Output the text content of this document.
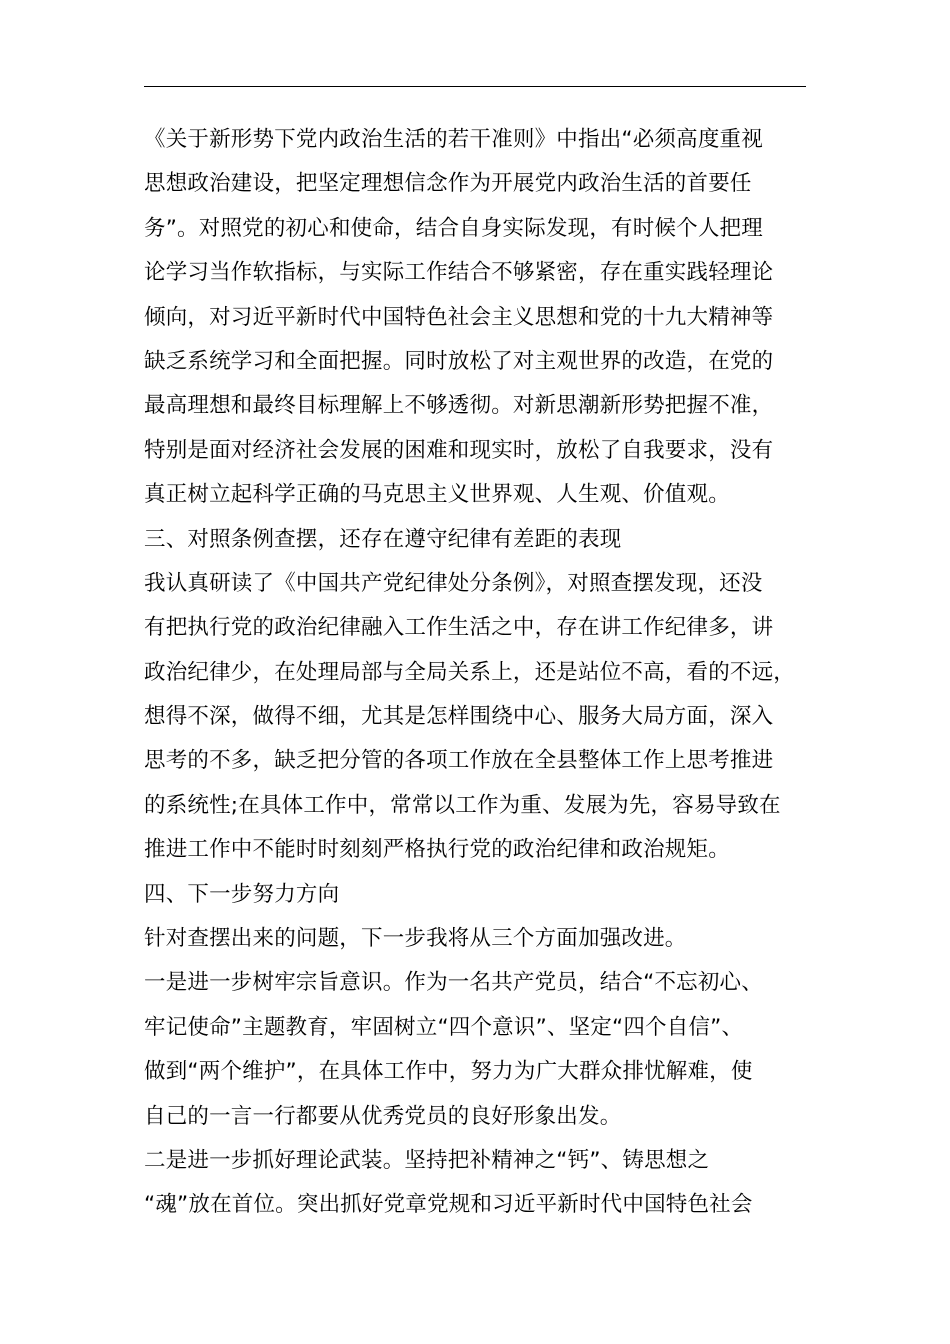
《关于新形势下党内政治生活的若干准则》中指出“必须高度重视
思想政治建设，把坚定理想信念作为开展党内政治生活的首要任
务”。对照党的初心和使命，结合自身实际发现，有时候个人把理
论学习当作软指标，与实际工作结合不够紧密，存在重实践轻理论
倾向，对习近平新时代中国特色社会主义思想和党的十九大精神等
缺乏系统学习和全面把握。同时放松了对主观世界的改造，在党的
最高理想和最终目标理解上不够透彻。对新思潮新形势把握不准，
特别是面对经济社会发展的困难和现实时，放松了自我要求，没有
真正树立起科学正确的马克思主义世界观、人生观、价值观。
三、对照条例查摆，还存在遵守纪律有差距的表现
我认真研读了《中国共产党纪律处分条例》，对照查摆发现，还没
有把执行党的政治纪律融入工作生活之中，存在讲工作纪律多，讲
政治纪律少，在处理局部与全局关系上，还是站位不高，看的不远，
想得不深，做得不细，尤其是怎样围绕中心、服务大局方面，深入
思考的不多，缺乏把分管的各项工作放在全县整体工作上思考推进
的系统性;在具体工作中，常常以工作为重、发展为先，容易导致在
推进工作中不能时时刻刻严格执行党的政治纪律和政治规矩。
四、下一步努力方向
针对查摆出来的问题，下一步我将从三个方面加强改进。
一是进一步树牢宗旨意识。作为一名共产党员，结合“不忘初心、
牢记使命”主题教育，牢固树立“四个意识”、坚定“四个自信”、
做到“两个维护”，在具体工作中，努力为广大群众排忧解难，使
自己的一言一行都要从优秀党员的良好形象出发。
二是进一步抓好理论武装。坚持把补精神之“钙”、铸思想之
“魂”放在首位。突出抓好党章党规和习近平新时代中国特色社会
